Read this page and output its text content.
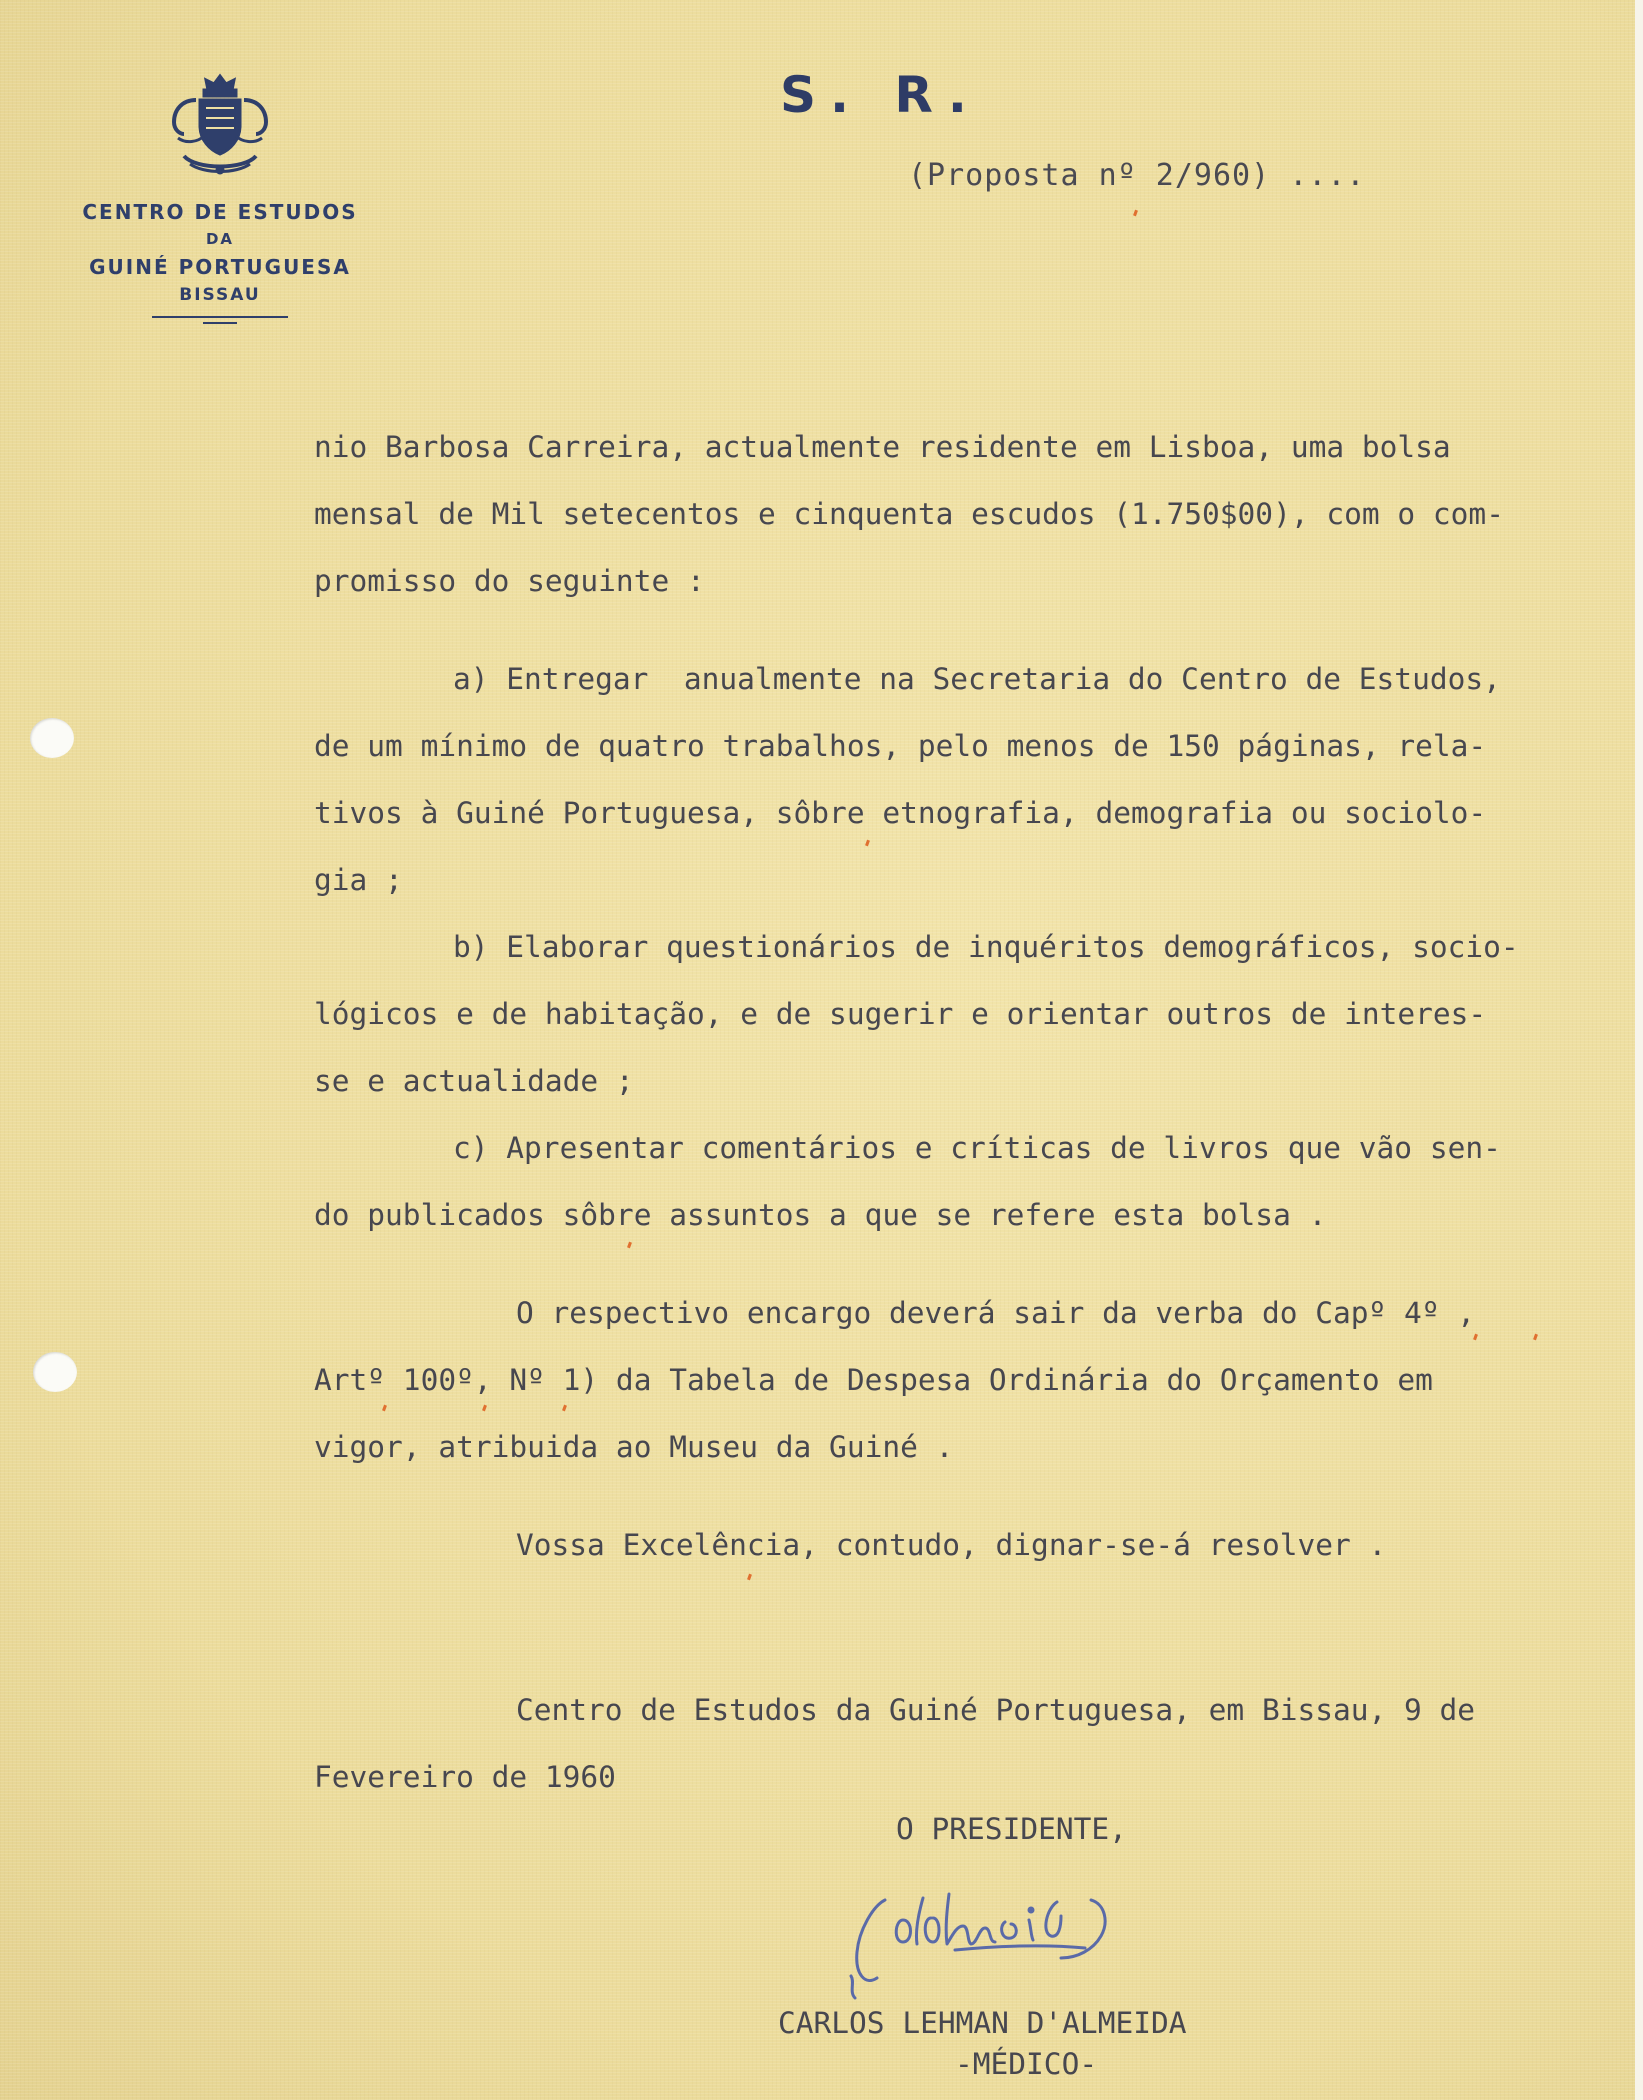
CENTRO DE ESTUDOS
DA
GUINÉ PORTUGUESA
BISSAU
S. R.
(Proposta nº 2/960) ....
nio Barbosa Carreira, actualmente residente em Lisboa, uma bolsa
mensal de Mil setecentos e cinquenta escudos (1.750$00), com o com-
promisso do seguinte :
a) Entregar  anualmente na Secretaria do Centro de Estudos,
de um mínimo de quatro trabalhos, pelo menos de 150 páginas, rela-
tivos à Guiné Portuguesa, sôbre etnografia, demografia ou sociolo-
gia ;
b) Elaborar questionários de inquéritos demográficos, socio-
lógicos e de habitação, e de sugerir e orientar outros de interes-
se e actualidade ;
c) Apresentar comentários e críticas de livros que vão sen-
do publicados sôbre assuntos a que se refere esta bolsa .
O respectivo encargo deverá sair da verba do Capº 4º ,
Artº 100º, Nº 1) da Tabela de Despesa Ordinária do Orçamento em
vigor, atribuida ao Museu da Guiné .
Vossa Excelência, contudo, dignar-se-á resolver .
Centro de Estudos da Guiné Portuguesa, em Bissau, 9 de
Fevereiro de 1960
O PRESIDENTE,
CARLOS LEHMAN D'ALMEIDA
-MÉDICO-
